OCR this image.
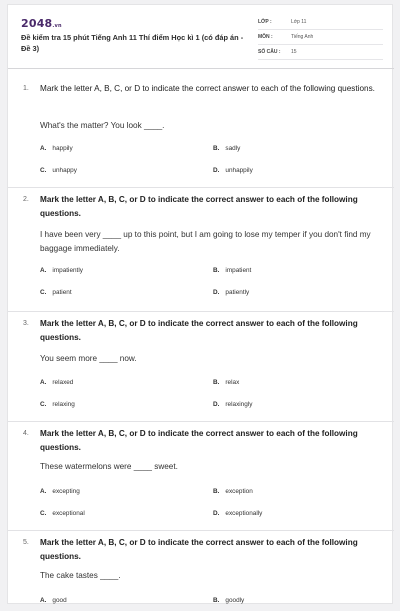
2048.vn
Đề kiểm tra 15 phút Tiếng Anh 11 Thí điểm Học kì 1 (có đáp án - Đề 3)
LỚP :	Lớp 11
MÔN :	Tiếng Anh
SỐ CÂU : 15
1. Mark the letter A, B, C, or D to indicate the correct answer to each of the following questions.
What's the matter? You look ____.
A. happily	B. sadly
C. unhappy	D. unhappily
2. Mark the letter A, B, C, or D to indicate the correct answer to each of the following questions.
I have been very ____ up to this point, but I am going to lose my temper if you don't find my baggage immediately.
A. impatiently	B. impatient
C. patient	D. patiently
3. Mark the letter A, B, C, or D to indicate the correct answer to each of the following questions.
You seem more ____ now.
A. relaxed	B. relax
C. relaxing	D. relaxingly
4. Mark the letter A, B, C, or D to indicate the correct answer to each of the following questions.
These watermelons were ____ sweet.
A. excepting	B. exception
C. exceptional	D. exceptionally
5. Mark the letter A, B, C, or D to indicate the correct answer to each of the following questions.
The cake tastes ____.
A. good	B. goodly
